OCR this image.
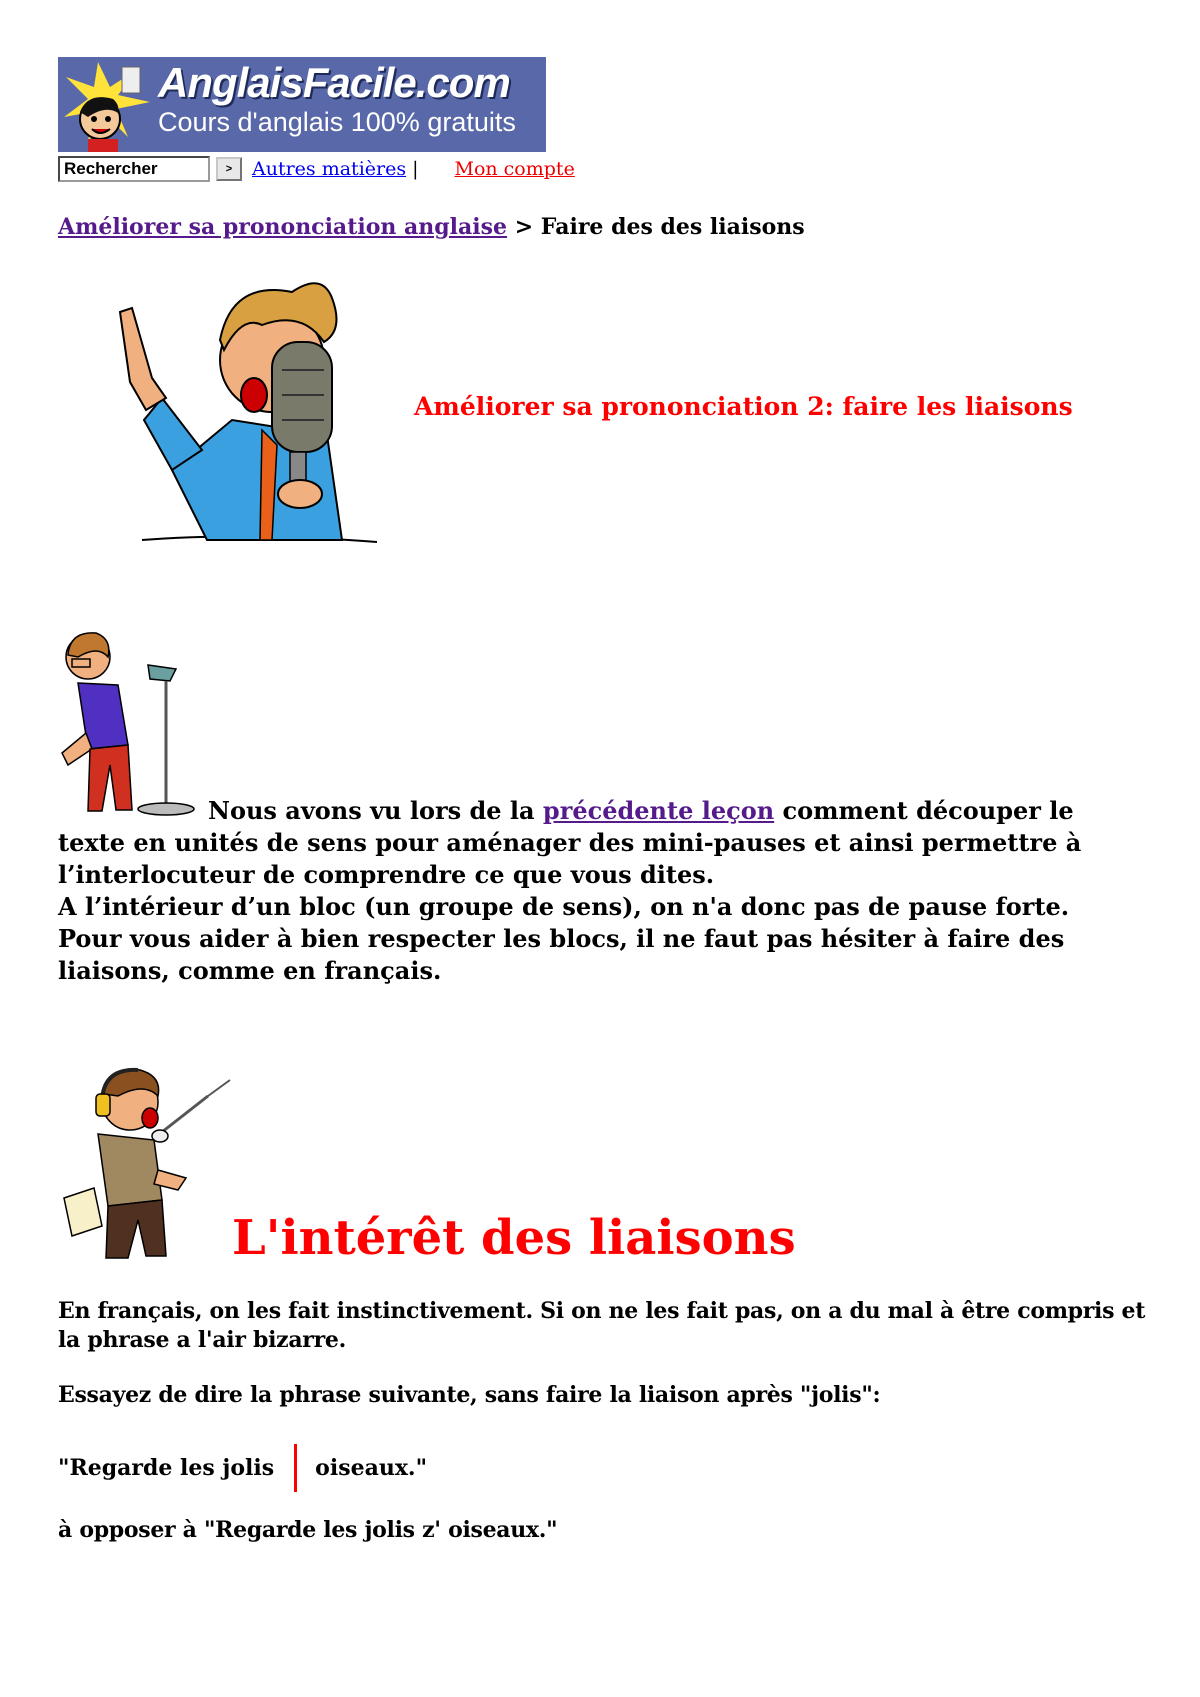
AnglaisFacile.com
Cours d'anglais 100% gratuits
Rechercher
>	Autres matières | Mon compte
Améliorer sa prononciation anglaise > Faire des des liaisons
Améliorer sa prononciation 2: faire les liaisons
Nous avons vu lors de la précédente leçon comment découper le texte en unités de sens pour aménager des mini-pauses et ainsi permettre à l’interlocuteur de comprendre ce que vous dites.
A l’intérieur d’un bloc (un groupe de sens), on n'a donc pas de pause forte.
Pour vous aider à bien respecter les blocs, il ne faut pas hésiter à faire des liaisons, comme en français.
L'intérêt des liaisons
En français, on les fait instinctivement. Si on ne les fait pas, on a du mal à être compris et la phrase a l'air bizarre.
Essayez de dire la phrase suivante, sans faire la liaison après "jolis":
"Regarde les jolis oiseaux."
à opposer à "Regarde les jolis z' oiseaux."
